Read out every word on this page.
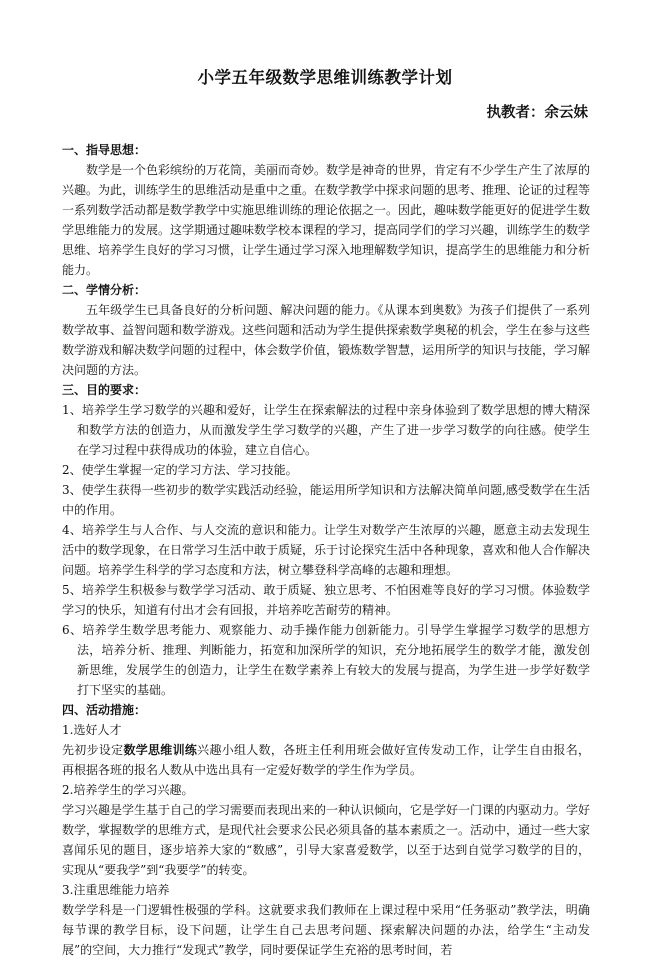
小学五年级数学思维训练教学计划
执教者：余云妹
一、指导思想：

数学是一个色彩缤纷的万花筒，美丽而奇妙。数学是神奇的世界，肯定有不少学生产生了浓厚的兴趣。为此，训练学生的思维活动是重中之重。在数学教学中探求问题的思考、推理、论证的过程等一系列数学活动都是数学教学中实施思维训练的理论依据之一。因此，趣味数学能更好的促进学生数学思维能力的发展。这学期通过趣味数学校本课程的学习，提高同学们的学习兴趣，训练学生的数学思维、培养学生良好的学习习惯，让学生通过学习深入地理解数学知识，提高学生的思维能力和分析能力。

二、学情分析：

五年级学生已具备良好的分析问题、解决问题的能力。《从课本到奥数》为孩子们提供了一系列数学故事、益智问题和数学游戏。这些问题和活动为学生提供探索数学奥秘的机会，学生在参与这些数学游戏和解决数学问题的过程中，体会数学价值，锻炼数学智慧，运用所学的知识与技能，学习解决问题的方法。

三、目的要求：

1、培养学生学习数学的兴趣和爱好，让学生在探索解法的过程中亲身体验到了数学思想的博大精深和数学方法的创造力，从而激发学生学习数学的兴趣，产生了进一步学习数学的向往感。使学生在学习过程中获得成功的体验，建立自信心。

2、使学生掌握一定的学习方法、学习技能。

3、使学生获得一些初步的数学实践活动经验，能运用所学知识和方法解决简单问题,感受数学在生活中的作用。

4、培养学生与人合作、与人交流的意识和能力。让学生对数学产生浓厚的兴趣，愿意主动去发现生活中的数学现象，在日常学习生活中敢于质疑，乐于讨论探究生活中各种现象，喜欢和他人合作解决问题。培养学生科学的学习态度和方法，树立攀登科学高峰的志趣和理想。

5、培养学生积极参与数学学习活动、敢于质疑、独立思考、不怕困难等良好的学习习惯。体验数学学习的快乐，知道有付出才会有回报，并培养吃苦耐劳的精神。

6、培养学生数学思考能力、观察能力、动手操作能力创新能力。引导学生掌握学习数学的思想方法，培养分析、推理、判断能力，拓宽和加深所学的知识，充分地拓展学生的数学才能，激发创新思维，发展学生的创造力，让学生在数学素养上有较大的发展与提高，为学生进一步学好数学打下坚实的基础。

四、活动措施：
1.选好人才

先初步设定数学思维训练兴趣小组人数，各班主任利用班会做好宣传发动工作，让学生自由报名，再根据各班的报名人数从中选出具有一定爱好数学的学生作为学员。

2.培养学生的学习兴趣。

学习兴趣是学生基于自己的学习需要而表现出来的一种认识倾向，它是学好一门课的内驱动力。学好数学，掌握数学的思维方式，是现代社会要求公民必须具备的基本素质之一。活动中，通过一些大家喜闻乐见的题目，逐步培养大家的“数感”，引导大家喜爱数学，以至于达到自觉学习数学的目的，实现从“要我学”到“我要学”的转变。

3.注重思维能力培养

数学学科是一门逻辑性极强的学科。这就要求我们教师在上课过程中采用“任务驱动”教学法，明确每节课的教学目标，设下问题，让学生自己去思考问题、探索解决问题的办法，给学生“主动发展”的空间，大力推行“发现式”教学，同时要保证学生充裕的思考时间，若
